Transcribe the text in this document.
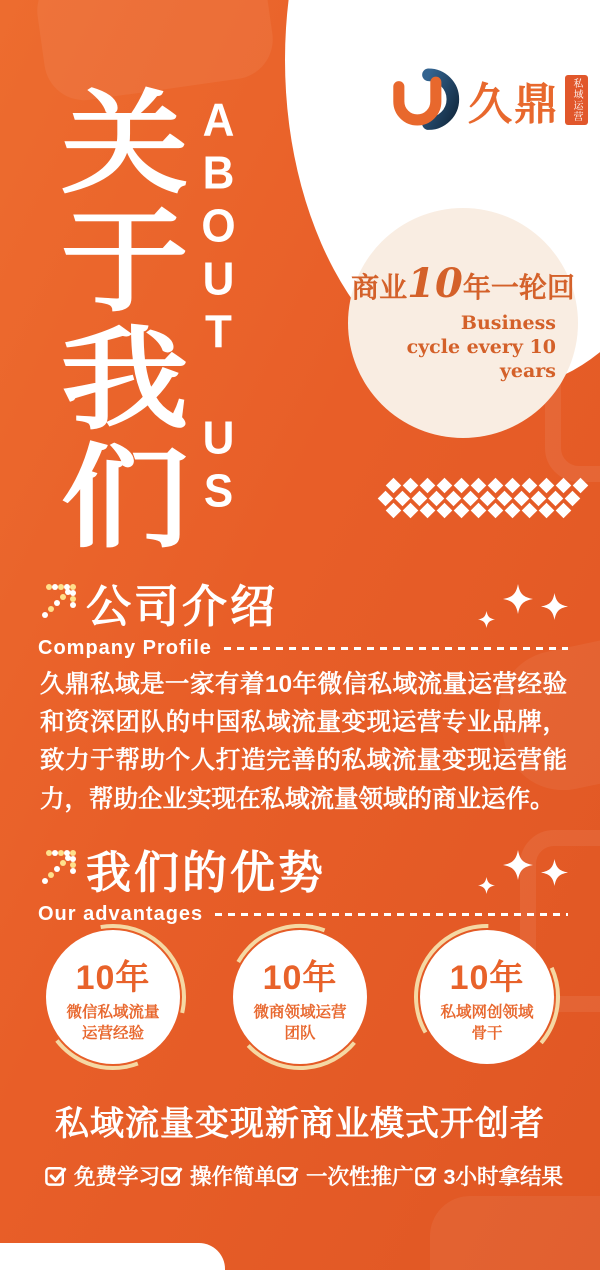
商业10年一轮回
Business
cycle every 10 years
久鼎	私域运营
关于我们 ABOUT US
公司介绍
Company Profile
久鼎私域是一家有着10年微信私域流量运营经验和资深团队的中国私域流量变现运营专业品牌，致力于帮助个人打造完善的私域流量变现运营能力，帮助企业实现在私域流量领域的商业运作。
我们的优势
Our advantages
10年
微信私域流量
运营经验
10年
微商领域运营
团队
10年
私域网创领域
骨干
私域流量变现新商业模式开创者
免费学习 操作简单 一次性推广 3小时拿结果
